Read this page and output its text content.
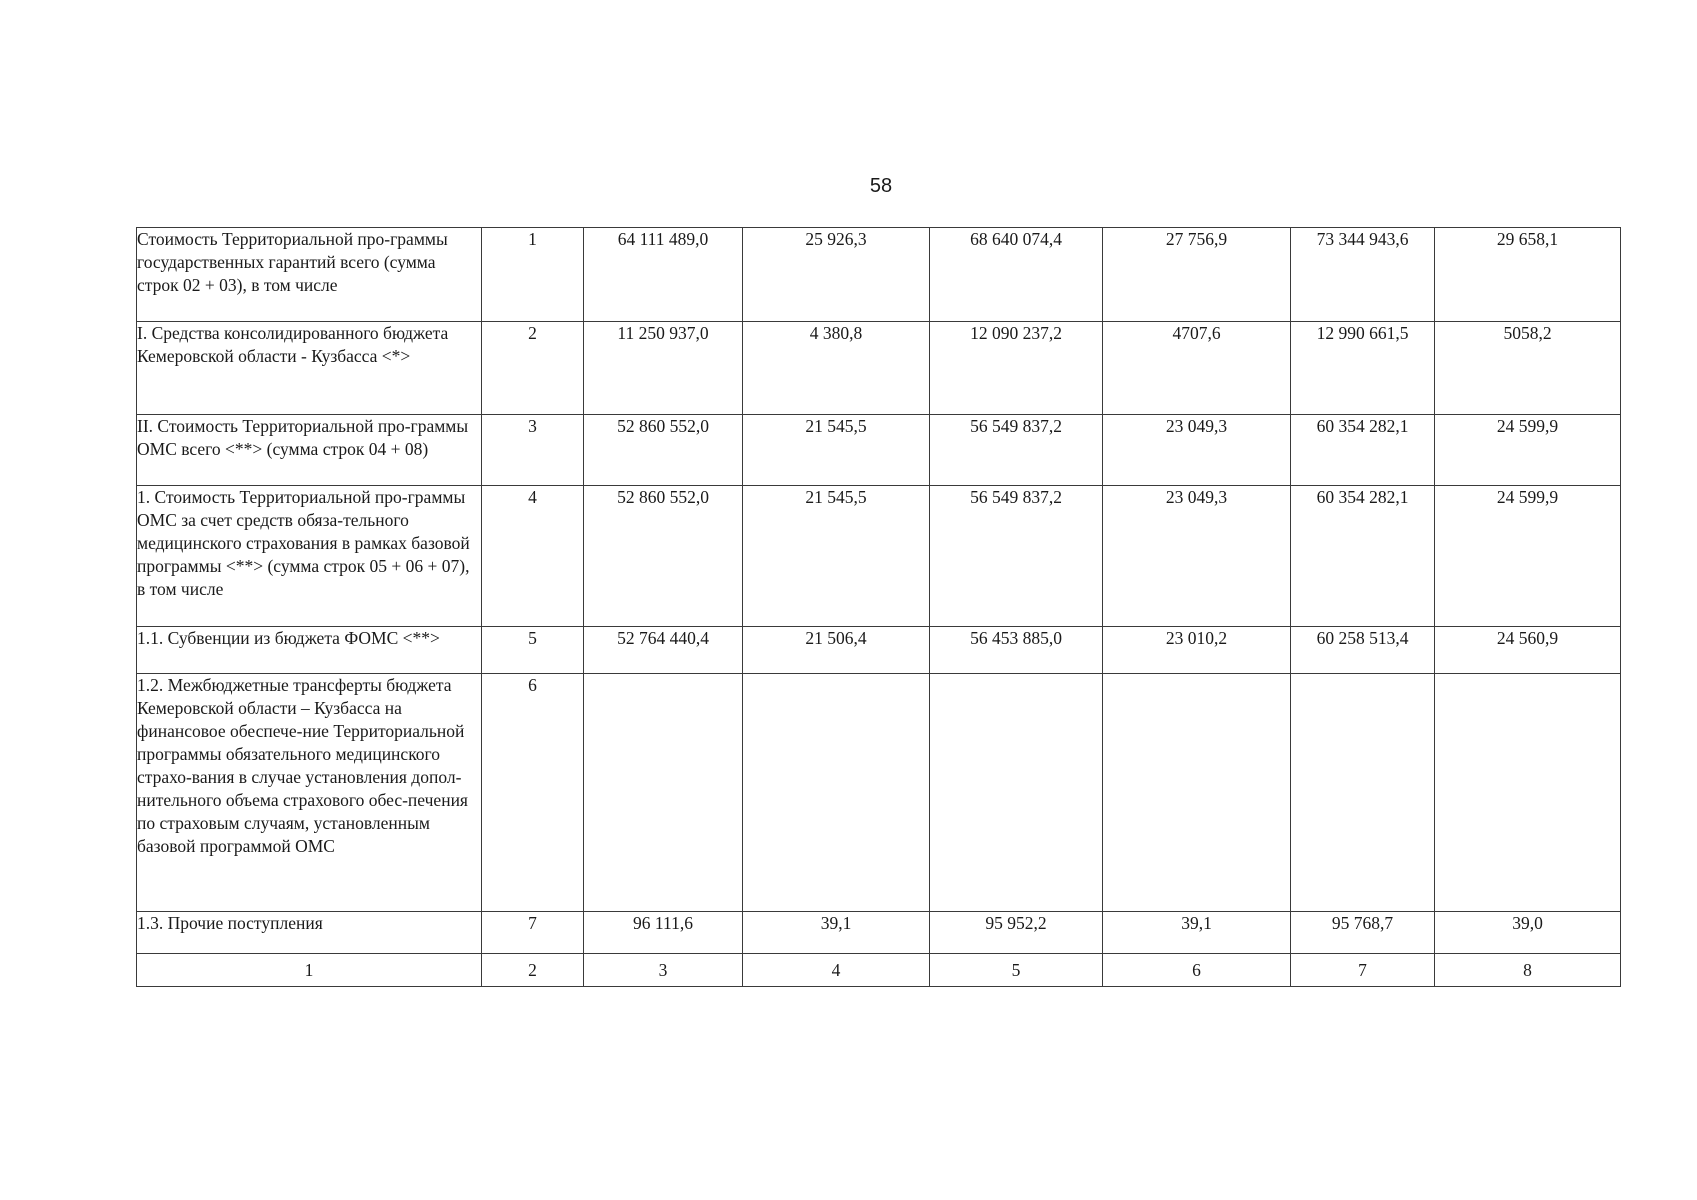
58
Стоимость Территориальной про-граммы государственных гарантий всего (сумма строк 02 + 03), в том числе	1	64 111 489,0	25 926,3	68 640 074,4	27 756,9	73 344 943,6	29 658,1
I. Средства консолидированного бюджета Кемеровской области - Кузбасса <*>	2	11 250 937,0	4 380,8	12 090 237,2	4707,6	12 990 661,5	5058,2
II. Стоимость Территориальной про-граммы ОМС всего <**> (сумма строк 04 + 08)	3	52 860 552,0	21 545,5	56 549 837,2	23 049,3	60 354 282,1	24 599,9
1. Стоимость Территориальной про-граммы ОМС за счет средств обяза-тельного медицинского страхования в рамках базовой программы <**> (сумма строк 05 + 06 + 07), в том числе	4	52 860 552,0	21 545,5	56 549 837,2	23 049,3	60 354 282,1	24 599,9
1.1. Субвенции из бюджета ФОМС <**>	5	52 764 440,4	21 506,4	56 453 885,0	23 010,2	60 258 513,4	24 560,9
1.2. Межбюджетные трансферты бюджета Кемеровской области – Кузбасса на финансовое обеспече-ние Территориальной программы обязательного медицинского страхо-вания в случае установления допол-нительного объема страхового обес-печения по страховым случаям, установленным базовой программой ОМС	6						
1.3. Прочие поступления	7	96 111,6	39,1	95 952,2	39,1	95 768,7	39,0
1	2	3	4	5	6	7	8
